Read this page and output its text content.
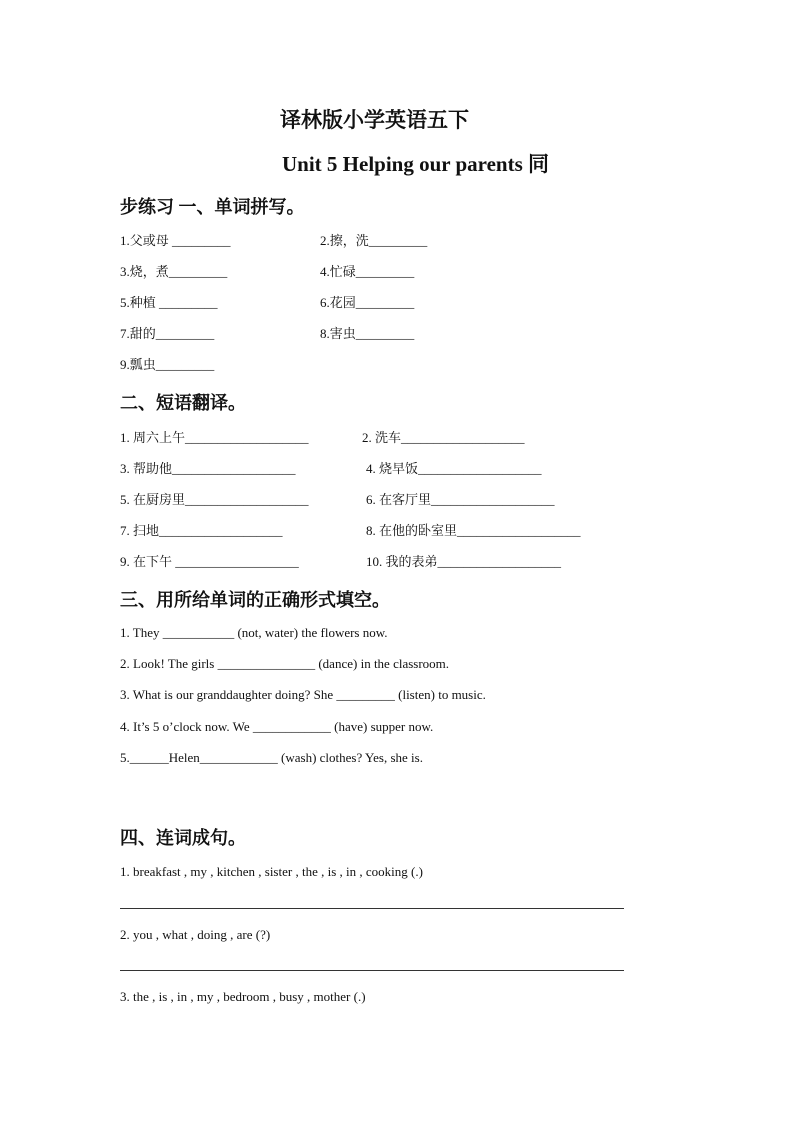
译林版小学英语五下
Unit 5 Helping our parents 同
步练习 一、单词拼写。
1.父或母 _________	2.擦，洗_________
3.烧，煮_________	4.忙碌_________
5.种植 _________	6.花园_________
7.甜的_________	8.害虫_________
9.瓢虫_________
二、短语翻译。
1. 周六上午___________________	2. 洗车___________________
3. 帮助他___________________	4. 烧早饭___________________
5. 在厨房里___________________	6. 在客厅里___________________
7. 扫地___________________	8. 在他的卧室里___________________
9. 在下午 ___________________	10. 我的表弟___________________
三、用所给单词的正确形式填空。
1. They ___________ (not, water) the flowers now.
2. Look! The girls _______________ (dance) in the classroom.
3. What is our granddaughter doing? She _________ (listen) to music.
4. It’s 5 o’clock now. We ____________ (have) supper now.
5.______Helen____________ (wash) clothes? Yes, she is.
四、连词成句。
1. breakfast , my , kitchen , sister , the , is , in , cooking (.)
2. you , what , doing , are (?)
3. the , is , in , my , bedroom , busy , mother (.)
